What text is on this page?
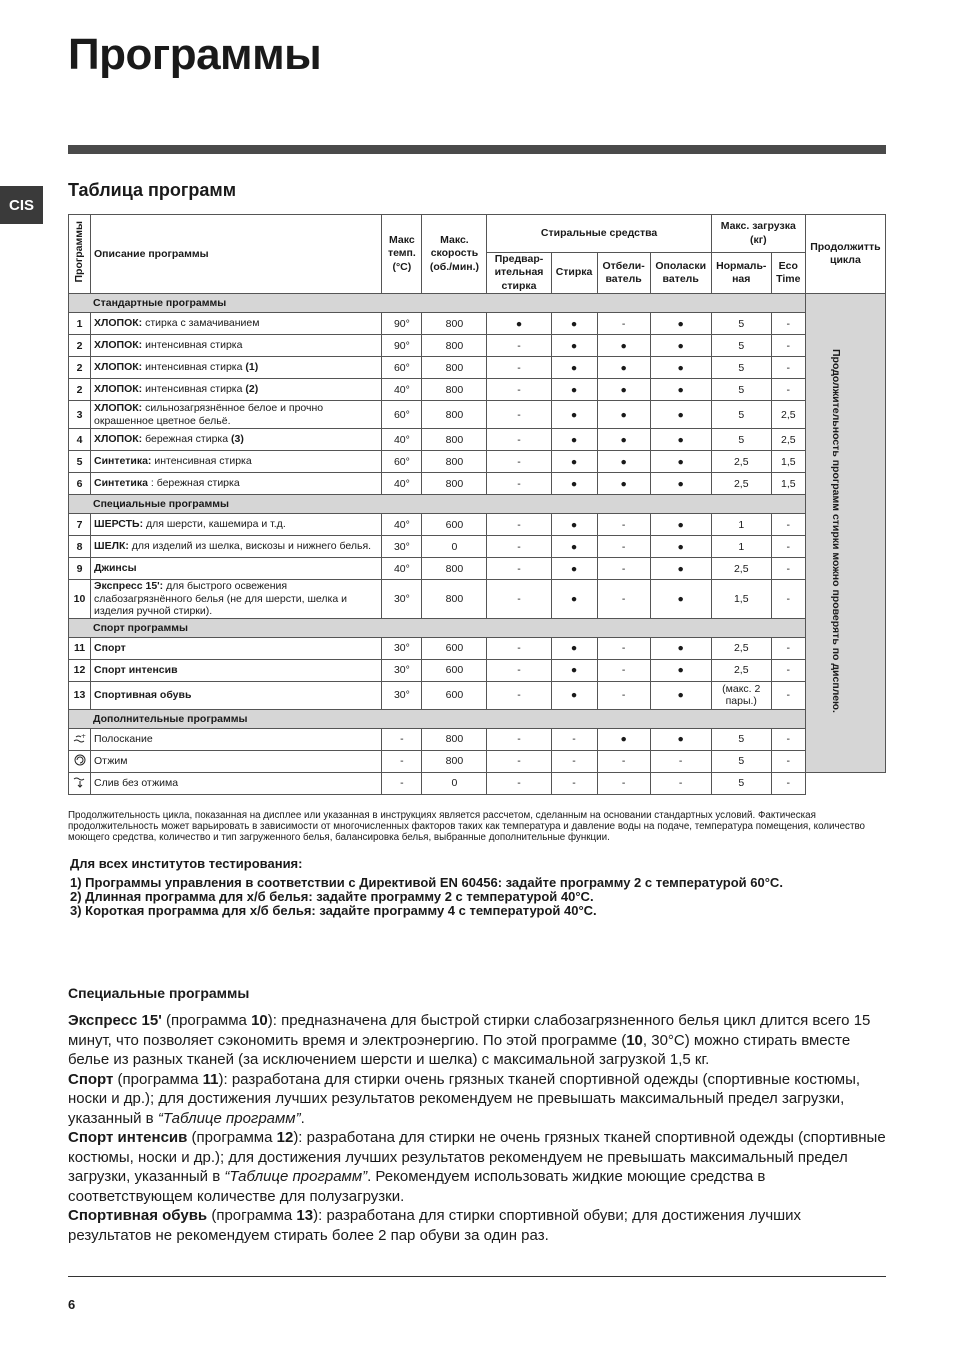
Программы
CIS
Таблица программ
Программы	Описание программы	Макс темп. (°C)	Макс. скорость (об./мин.)	Стиральные средства				Макс. загрузка (кг)		Продолжитть цикла
				Предвар-ительная стирка	Стирка	Отбели-ватель	Ополаски ватель	Нормаль-ная	Eco Time	
Стандартные программы										Продолжительность программ стирки можно проверять по дисплею.
1	ХЛОПОК: стирка с замачиванием	90°	800	●	●	-	●	5	-	
2	ХЛОПОК: интенсивная стирка	90°	800	-	●	●	●	5	-	
2	ХЛОПОК: интенсивная стирка (1)	60°	800	-	●	●	●	5	-	
2	ХЛОПОК: интенсивная стирка (2)	40°	800	-	●	●	●	5	-	
3	ХЛОПОК: сильнозагрязнённое белое и прочно окрашенное цветное бельё.	60°	800	-	●	●	●	5	2,5	
4	ХЛОПОК: бережная стирка (3)	40°	800	-	●	●	●	5	2,5	
5	Синтетика: интенсивная стирка	60°	800	-	●	●	●	2,5	1,5	
6	Синтетика : бережная стирка	40°	800	-	●	●	●	2,5	1,5	
Специальные программы										
7	ШЕРСТЬ: для шерсти, кашемира и т.д.	40°	600	-	●	-	●	1	-	
8	ШЕЛК: для изделий из шелка, вискозы и нижнего белья.	30°	0	-	●	-	●	1	-	
9	Джинсы	40°	800	-	●	-	●	2,5	-	
10	Экспресс 15': для быстрого освежения слабозагрязнённого белья (не для шерсти, шелка и изделия ручной стирки).	30°	800	-	●	-	●	1,5	-	
Спорт программы										
11	Спорт	30°	600	-	●	-	●	2,5	-	
12	Спорт интенсив	30°	600	-	●	-	●	2,5	-	
13	Спортивная обувь	30°	600	-	●	-	●	(макс. 2 пары.)	-	
Дополнительные программы										

+	Полоскание	-	800	-	-	●	●	5	-	
	Отжим	-	800	-	-	-	-	5	-	
	Слив без отжима	-	0	-	-	-	-	5	-	
Продолжительность цикла, показанная на дисплее или указанная в инструкциях является рассчетом, сделанным на основании стандартных условий. Фактическая продолжительность может варьировать в зависимости от многочисленных факторов таких как температура и давление воды на подаче, температура помещения, количество моющего средства, количество и тип загруженного белья, балансировка белья, выбранные дополнительные функции.
Для всех институтов тестирования:
1) Программы управления в соответствии с Директивой EN 60456: задайте программу 2 с температурой 60°C.
2) Длинная программа для х/б белья: задайте программу 2 с температурой 40°C.
3) Короткая программа для х/б белья: задайте программу 4 с температурой 40°C.
Специальные программы

Экспресс 15' (программа 10): предназначена для быстрой стирки слабозагрязненного белья цикл длится всего 15 минут, что позволяет сэкономить время и электроэнергию. По этой программе (10, 30°C) можно стирать вместе белье из разных тканей (за исключением шерсти и шелка) с максимальной загрузкой 1,5 кг.

Спорт (программа 11): разработана для стирки очень грязных тканей спортивной одежды (спортивные костюмы, носки и др.); для достижения лучших результатов рекомендуем не превышать максимальный предел загрузки, указанный в “Таблице программ”.

Спорт интенсив (программа 12): разработана для стирки не очень грязных тканей спортивной одежды (спортивные костюмы, носки и др.); для достижения лучших результатов рекомендуем не превышать максимальный предел загрузки, указанный в “Таблице программ”. Рекомендуем использовать жидкие моющие средства в соответствующем количестве для полузагрузки.

Спортивная обувь (программа 13): разработана для стирки спортивной обуви; для достижения лучших результатов не рекомендуем стирать более 2 пар обуви за один раз.

6
